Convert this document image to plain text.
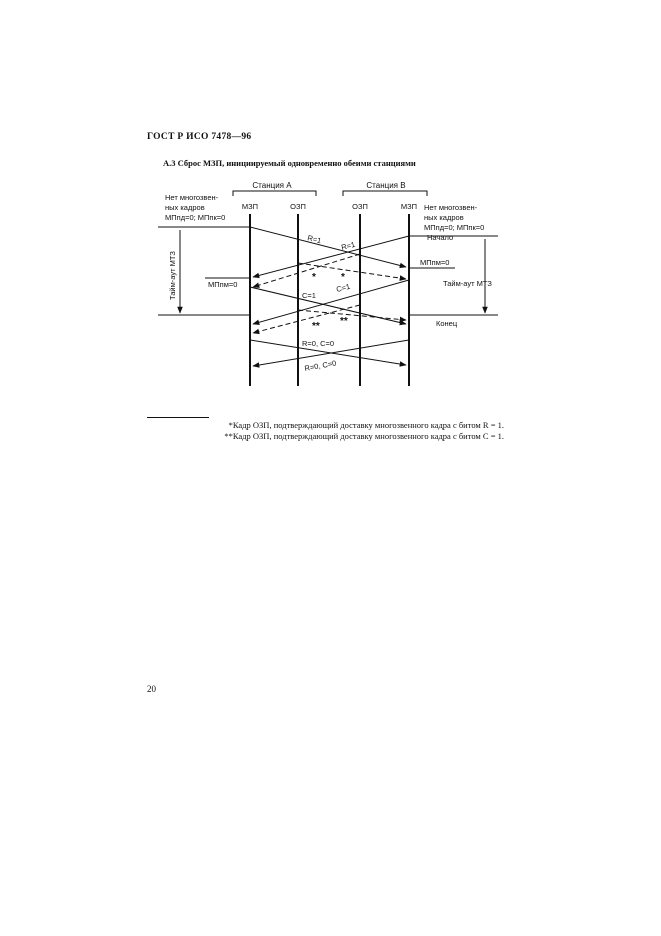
ГОСТ Р ИСО 7478—96
А.3 Сброс МЗП, инициируемый одновременно обеими станциями
Станция А	Станция В
МЗП	ОЗП	ОЗП	МЗП
Нет многозвен-
ных кадров
МПпд=0; МПпк=0
Нет многозвен-
ных кадров
МПпд=0; МПпк=0
Тайм-аут МТЗ	Тайм-аут МТЗ
Начало
Конец
МПпм=0
МПпм=0
R=1
R=1
C=1
C=1
*	*
** **
R=0, C=0
R=0, C=0
*Кадр ОЗП, подтверждающий доставку многозвенного кадра с битом R = 1.
**Кадр ОЗП, подтверждающий доставку многозвенного кадра с битом С = 1.
20
